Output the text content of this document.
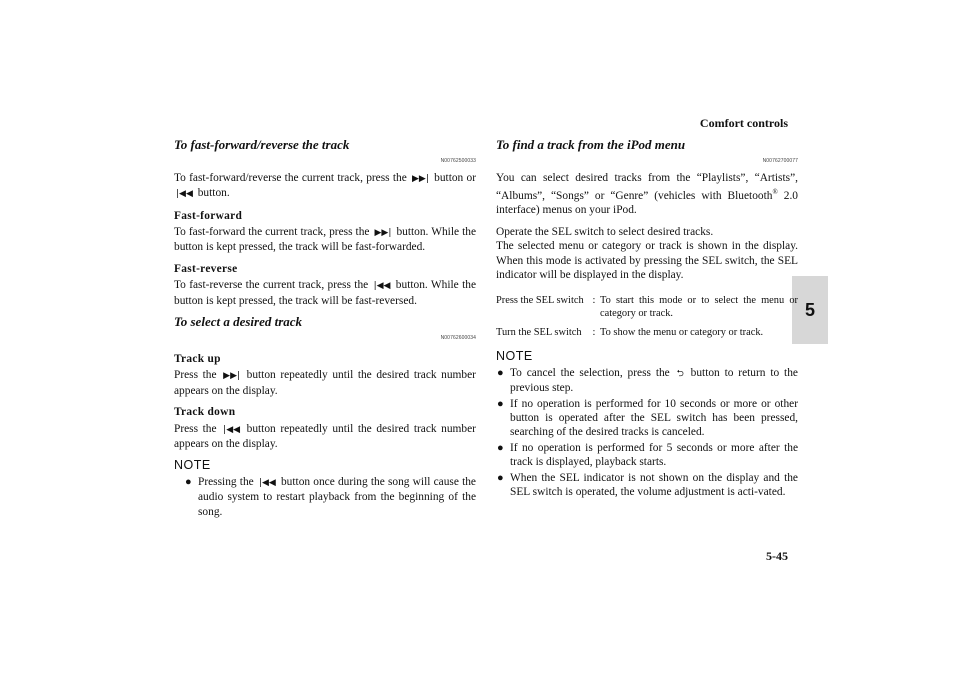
Comfort controls
5
5-45
To fast-forward/reverse the track
N00762500033

To fast-forward/reverse the current track, press the ▶▶| button or |◀◀ button.

Fast-forward

To fast-forward the current track, press the ▶▶| button. While the button is kept pressed, the track will be fast-forwarded.

Fast-reverse

To fast-reverse the current track, press the |◀◀ button. While the button is kept pressed, the track will be fast-reversed.

To select a desired track
N00762600034
Track up

Press the ▶▶| button repeatedly until the desired track number appears on the display.

Track down

Press the |◀◀ button repeatedly until the desired track number appears on the display.

NOTE
● Pressing the |◀◀ button once during the song will cause the audio system to restart playback from the beginning of the song.
To find a track from the iPod menu
N00762700077

You can select desired tracks from the “Playlists”, “Artists”, “Albums”, “Songs” or “Genre” (vehicles with Bluetooth® 2.0 interface) menus on your iPod.

Operate the SEL switch to select desired tracks.

The selected menu or category or track is shown in the display. When this mode is activated by pressing the SEL switch, the SEL indicator will be displayed in the display.

Press the SEL switch	:	To start this mode or to select the menu or category or track.
Turn the SEL switch	:	To show the menu or category or track.
NOTE
● To cancel the selection, press the ⮌ button to return to the previous step.
● If no operation is performed for 10 seconds or more or other button is operated after the SEL switch has been pressed, searching of the desired tracks is canceled.
● If no operation is performed for 5 seconds or more after the track is displayed, playback starts.
● When the SEL indicator is not shown on the display and the SEL switch is operated, the volume adjustment is acti-vated.
